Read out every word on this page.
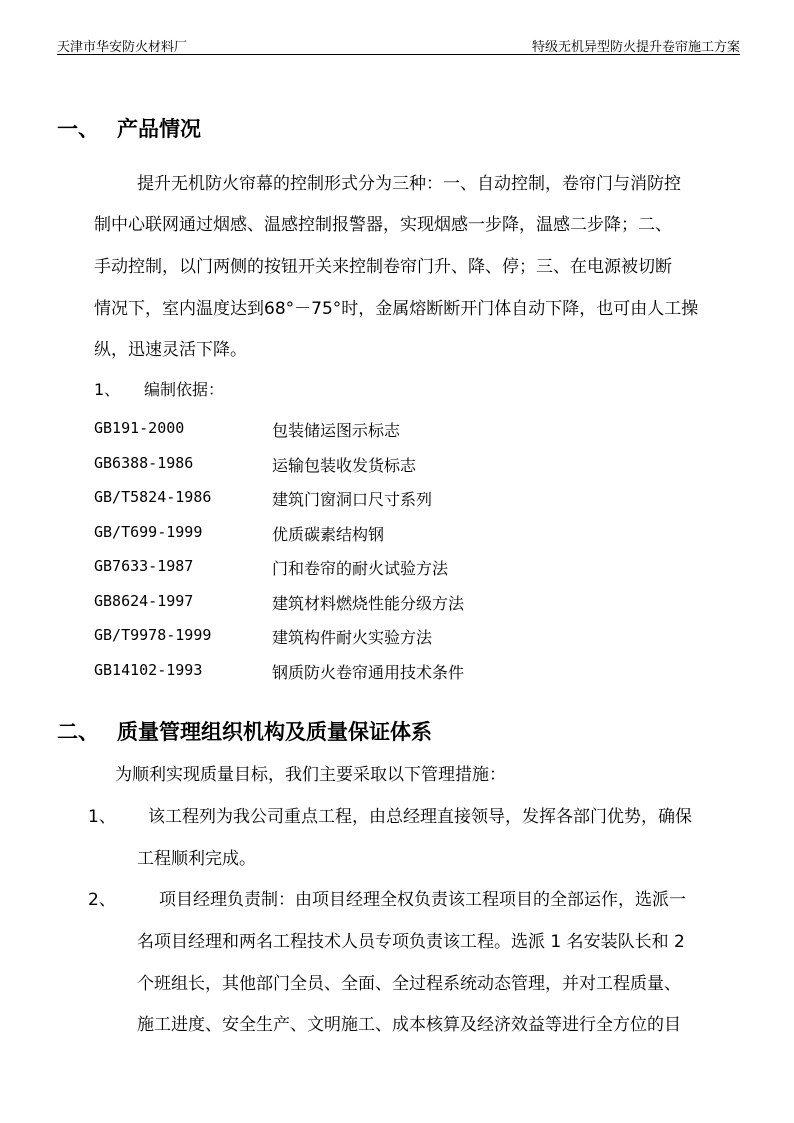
天津市华安防火材料厂	特级无机异型防火提升卷帘施工方案
一、 产品情况
提升无机防火帘幕的控制形式分为三种：一、自动控制，卷帘门与消防控
制中心联网通过烟感、温感控制报警器，实现烟感一步降，温感二步降；二、
手动控制，以门两侧的按钮开关来控制卷帘门升、降、停；三、在电源被切断
情况下，室内温度达到68°－75°时，金属熔断断开门体自动下降，也可由人工操
纵，迅速灵活下降。
1、 编制依据：
GB191-2000	包装储运图示标志
GB6388-1986	运输包装收发货标志
GB/T5824-1986	建筑门窗洞口尺寸系列
GB/T699-1999	优质碳素结构钢
GB7633-1987	门和卷帘的耐火试验方法
GB8624-1997	建筑材料燃烧性能分级方法
GB/T9978-1999	建筑构件耐火实验方法
GB14102-1993	钢质防火卷帘通用技术条件
二、 质量管理组织机构及质量保证体系
为顺利实现质量目标，我们主要采取以下管理措施：
1、 该工程列为我公司重点工程，由总经理直接领导，发挥各部门优势，确保
工程顺利完成。
2、	项目经理负责制：由项目经理全权负责该工程项目的全部运作，选派一
名项目经理和两名工程技术人员专项负责该工程。选派 1 名安装队长和 2
个班组长，其他部门全员、全面、全过程系统动态管理，并对工程质量、
施工进度、安全生产、文明施工、成本核算及经济效益等进行全方位的目
